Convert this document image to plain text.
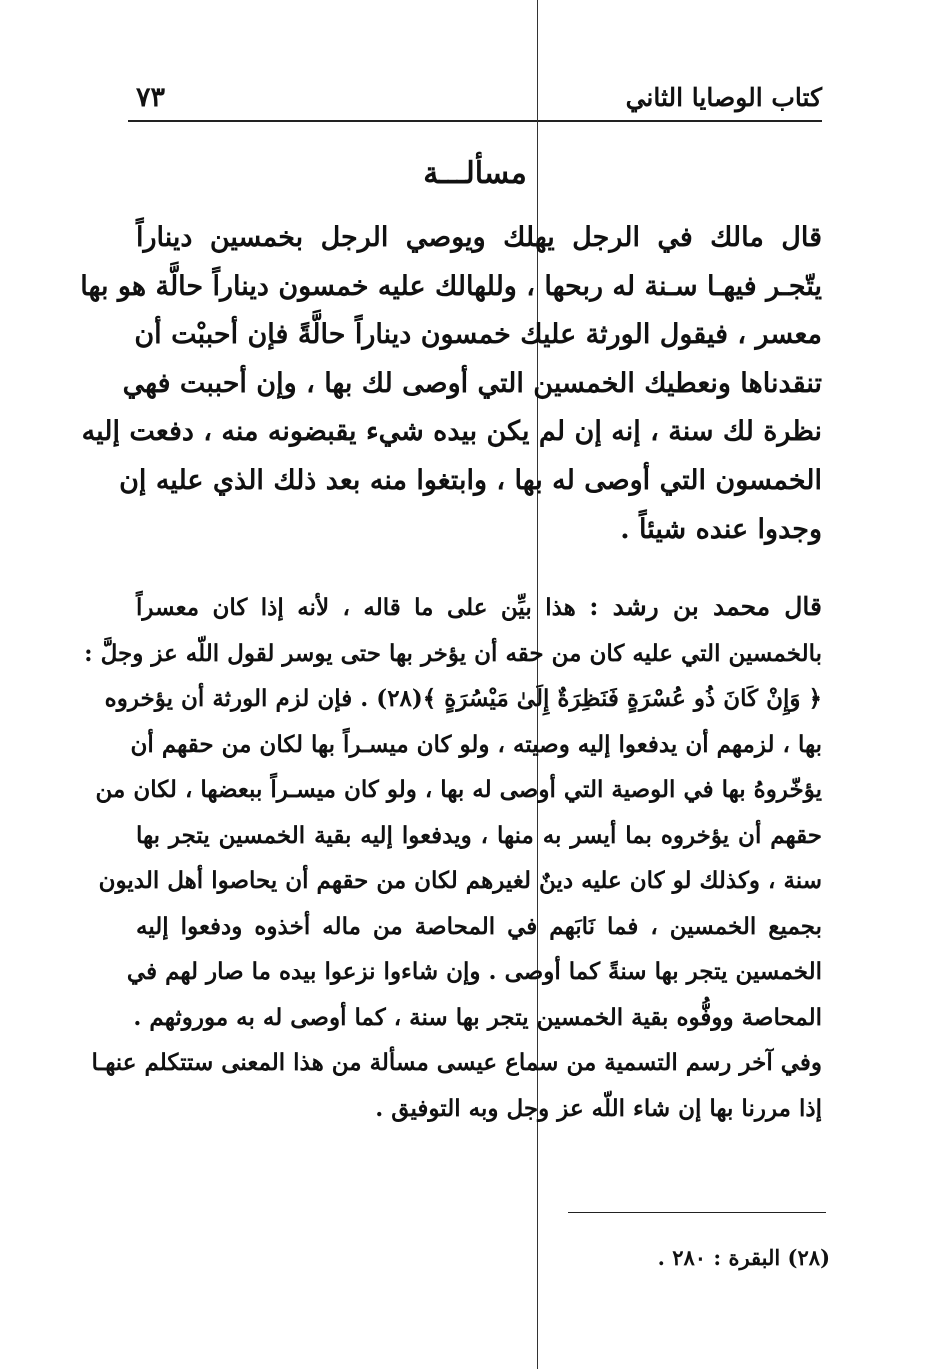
كتاب الوصايا الثاني
٧٣
مسألـــة
قال مالك في الرجل يهلك ويوصي الرجل بخمسين ديناراً
يتّجـر فيهـا سـنة له ربحها ، وللهالك عليه خمسون ديناراً حالَّة هو بها
معسر ، فيقول الورثة عليك خمسون ديناراً حالَّةً فإن أحببْت أن
تنقدناها ونعطيك الخمسين التي أوصى لك بها ، وإن أحببت فهي
نظرة لك سنة ، إنه إن لم يكن بيده شيء يقبضونه منه ، دفعت إليه
الخمسون التي أوصى له بها ، وابتغوا منه بعد ذلك الذي عليه إن
وجدوا عنده شيئاً .
قال محمد بن رشد : هذا بيِّن على ما قاله ، لأنه إذا كان معسراً
بالخمسين التي عليه كان من حقه أن يؤخر بها حتى يوسر لقول اللّه عز وجلَّ :
﴿ وَإِنْ كَانَ ذُو عُسْرَةٍ فَنَظِرَةٌ إِلَىٰ مَيْسُرَةٍ ﴾(٢٨) . فإن لزم الورثة أن يؤخروه
بها ، لزمهم أن يدفعوا إليه وصيته ، ولو كان ميسـراً بها لكان من حقهم أن
يؤخّروهُ بها في الوصية التي أوصى له بها ، ولو كان ميسـراً ببعضها ، لكان من
حقهم أن يؤخروه بما أيسر به منها ، ويدفعوا إليه بقية الخمسين يتجر بها
سنة ، وكذلك لو كان عليه دينٌ لغيرهم لكان من حقهم أن يحاصوا أهل الديون
بجميع الخمسين ، فما نَابَهم في المحاصة من ماله أخذوه ودفعوا إليه
الخمسين يتجر بها سنةً كما أوصى . وإن شاءوا نزعوا بيده ما صار لهم في
المحاصة ووفُّوه بقية الخمسين يتجر بها سنة ، كما أوصى له به موروثهم .
وفي آخر رسم التسمية من سماع عيسى مسألة من هذا المعنى ستتكلم عنهـا
إذا مررنا بها إن شاء اللّه عز وجل وبه التوفيق .
(٢٨) البقرة : ٢٨٠ .
